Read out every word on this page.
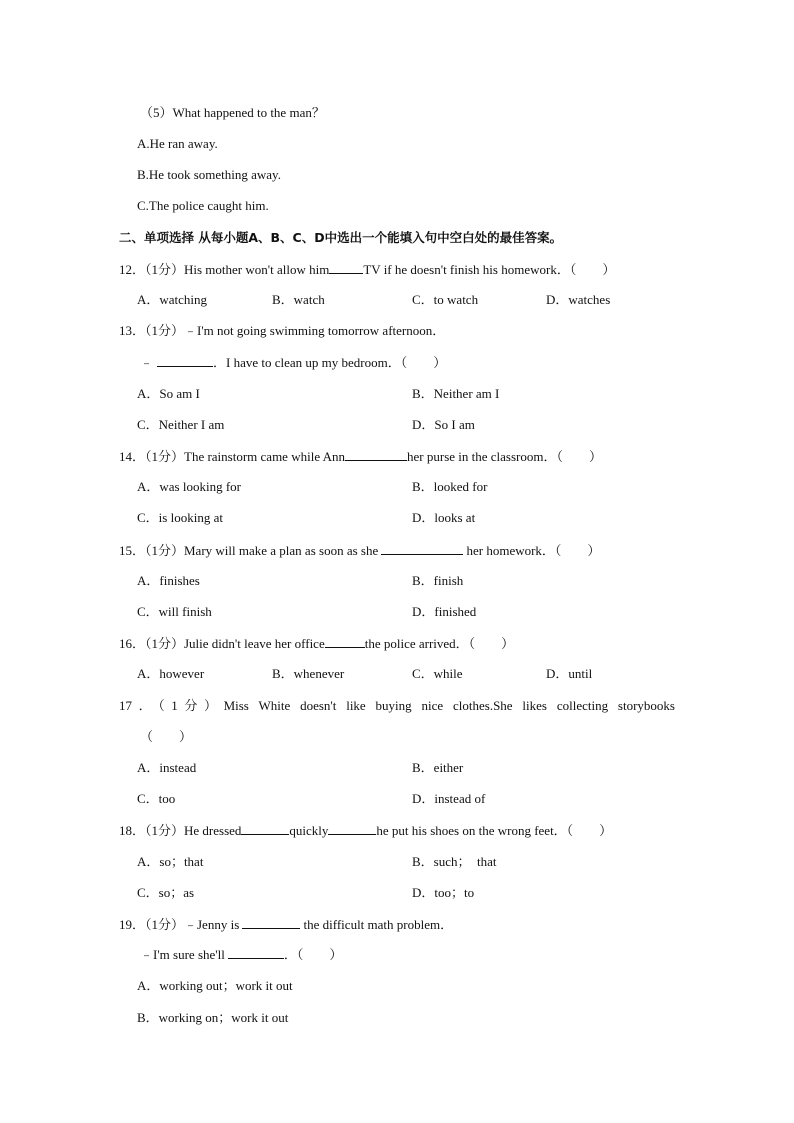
（5）What happened to the man？
A.He ran away.
B.He took something away.
C.The police caught him.
二、单项选择 从每小题A、B、C、D中选出一个能填入句中空白处的最佳答案。
12．（1分）His mother won't allow him	TV if he doesn't finish his homework．（　　）
A．watching	B．watch	C．to watch	D．watches
13．（1分）﹣I'm not going swimming tomorrow afternoon．
﹣	．I have to clean up my bedroom．（　　）
A．So am I	B．Neither am I
C．Neither I am	D．So I am
14．（1分）The rainstorm came while Ann	her purse in the classroom．（　　）
A．was looking for	B．looked for
C．is looking at	D．looks at
15．（1分）Mary will make a plan as soon as she	her homework．（　　）
A．finishes	B．finish
C．will finish	D．finished
16．（1分）Julie didn't leave her office	the police arrived．（　　）
A．however	B．whenever	C．while	D．until
17．（1分）Miss White doesn't like buying nice clothes.She likes collecting storybooks
（　　）
A．instead	B．either
C．too	D．instead of
18．（1分）He dressed	quickly	he put his shoes on the wrong feet．（　　）
A．so；that	B．such；　that
C．so；as	D．too；to
19．（1分）﹣Jenny is	the difficult math problem．
﹣I'm sure she'll	．（　　）
A．working out；work it out
B．working on；work it out
